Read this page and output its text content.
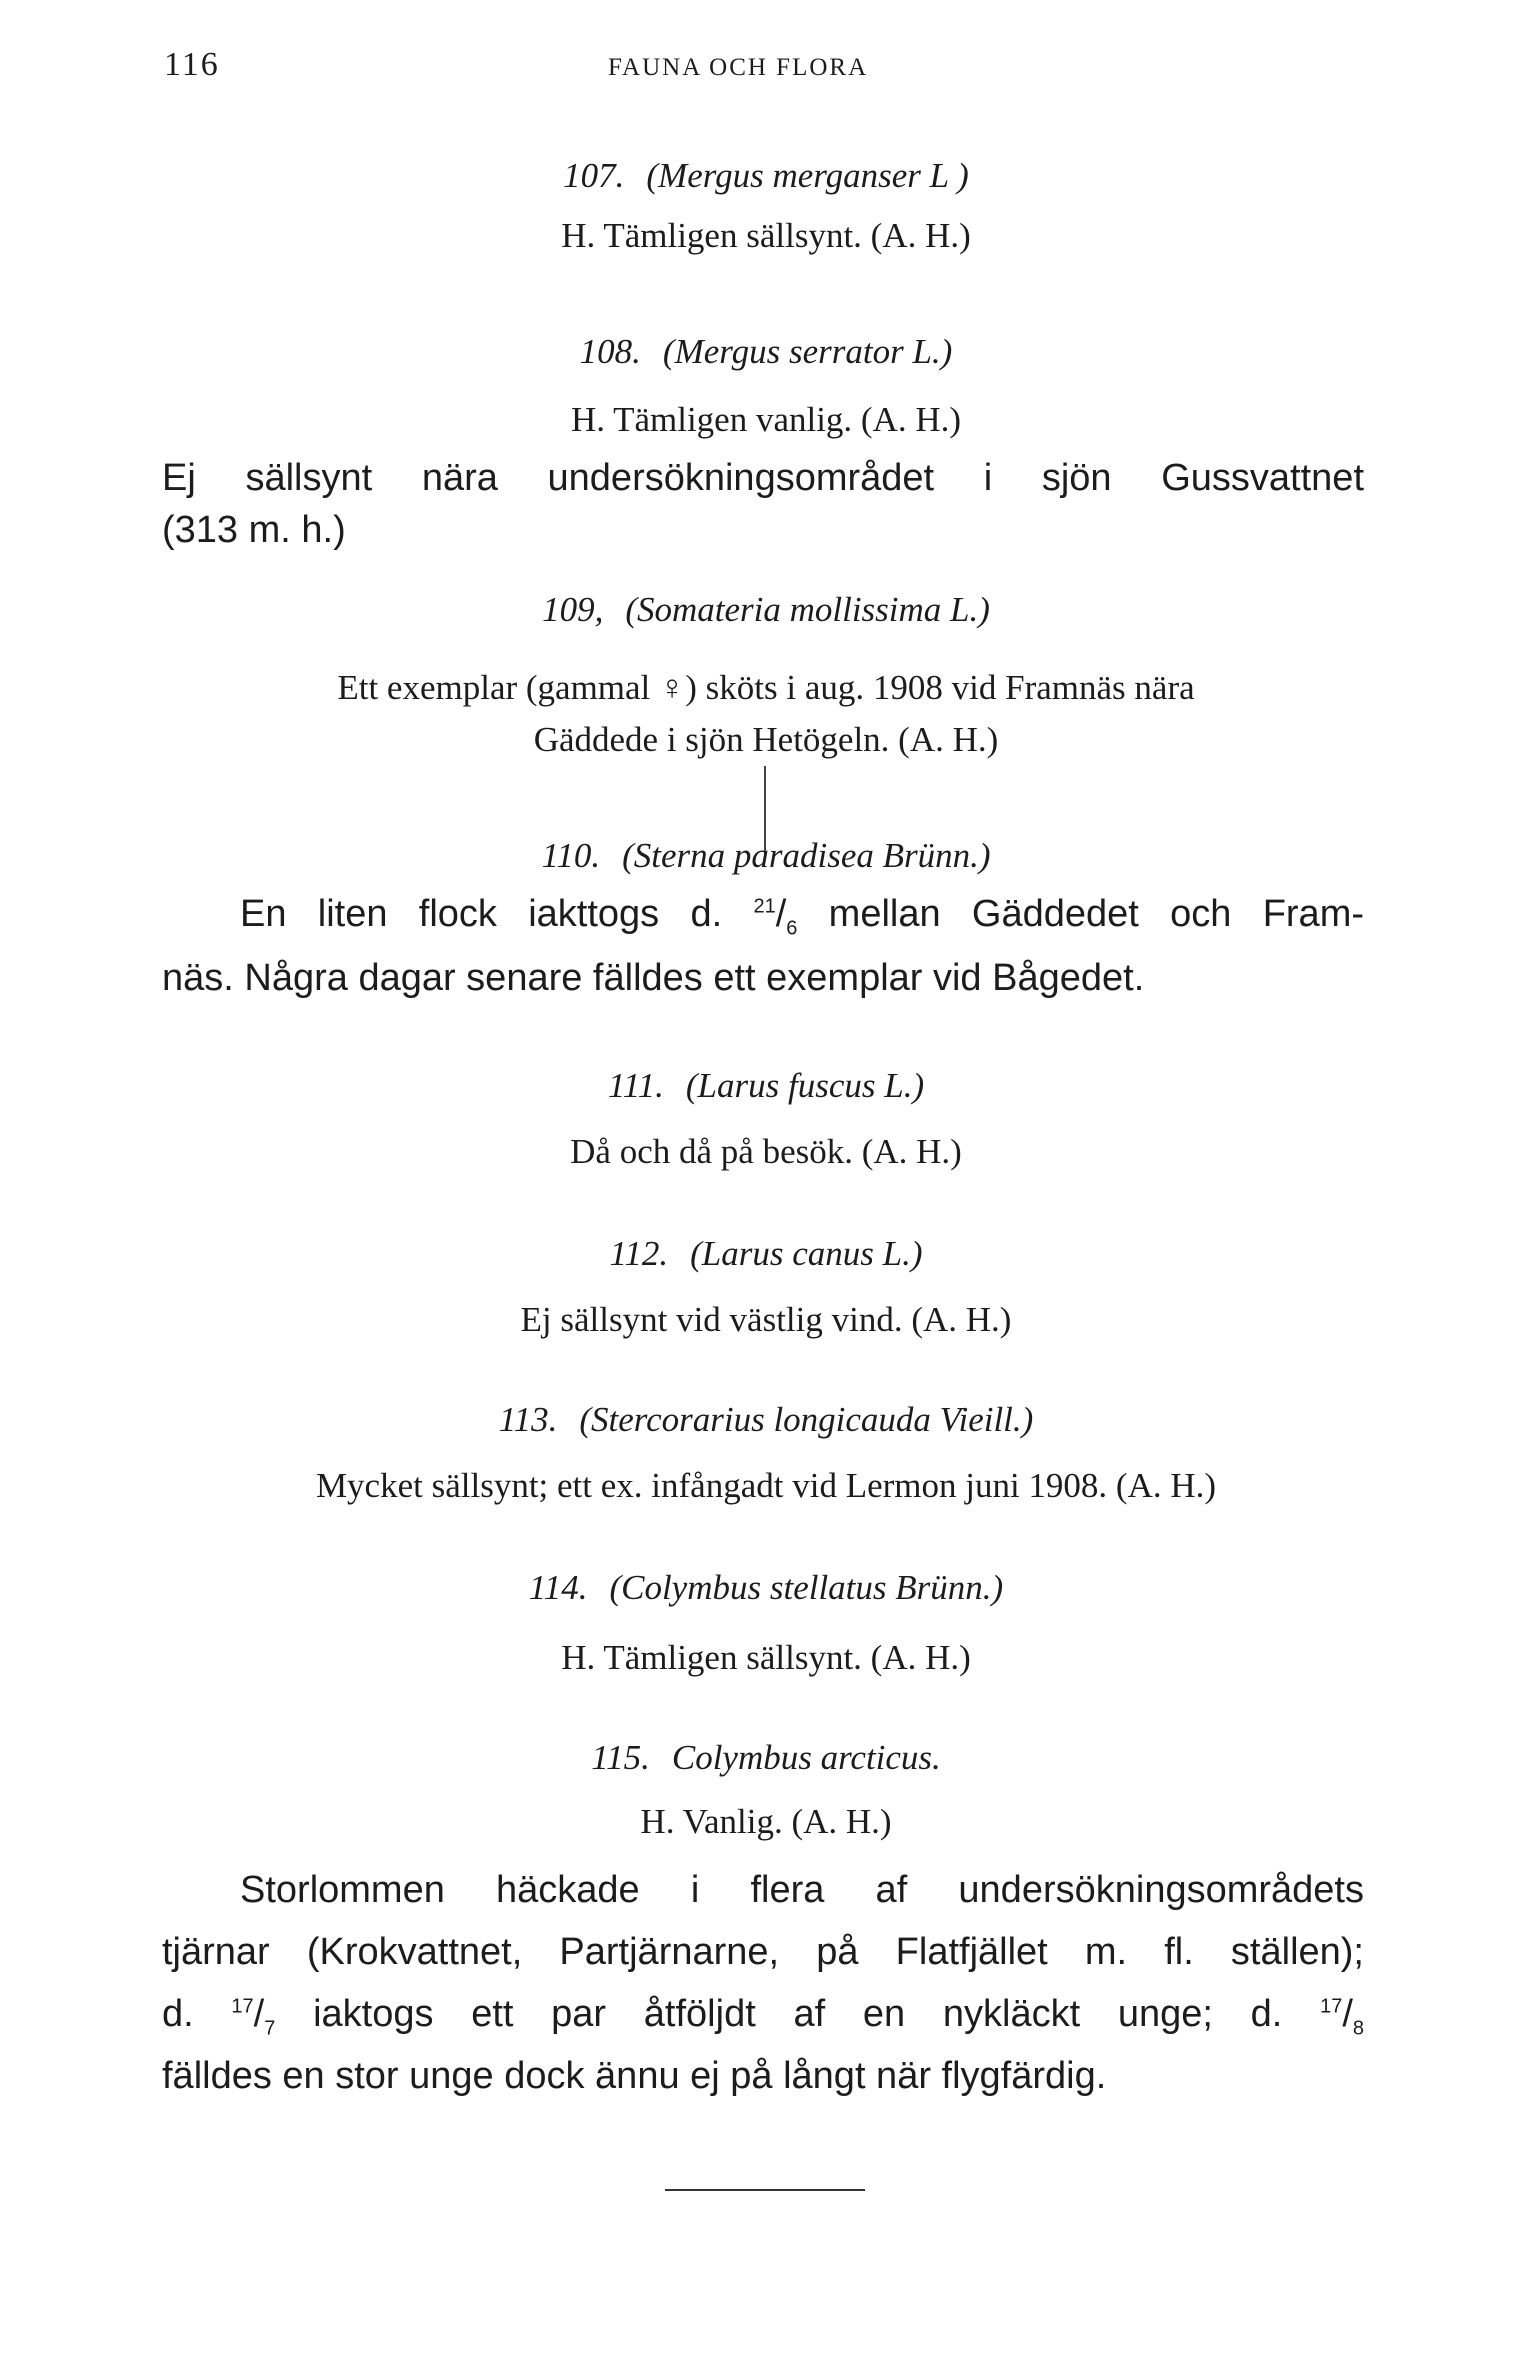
116	FAUNA OCH FLORA
107. (Mergus merganser L )
H. Tämligen sällsynt. (A. H.)
108. (Mergus serrator L.)
H. Tämligen vanlig. (A. H.)
Ej sällsynt nära undersökningsområdet i sjön Gussvattnet
(313 m. h.)
109, (Somateria mollissima L.)
Ett exemplar (gammal ♀) sköts i aug. 1908 vid Framnäs nära
Gäddede i sjön Hetögeln. (A. H.)
110. (Sterna paradisea Brünn.)
En liten flock iakttogs d. $^{21}/_6$ mellan Gäddedet och Fram-
näs. Några dagar senare fälldes ett exemplar vid Bågedet.
111. (Larus fuscus L.)
Då och då på besök. (A. H.)
112. (Larus canus L.)
Ej sällsynt vid västlig vind. (A. H.)
113. (Stercorarius longicauda Vieill.)
Mycket sällsynt; ett ex. infångadt vid Lermon juni 1908. (A. H.)
114. (Colymbus stellatus Brünn.)
H. Tämligen sällsynt. (A. H.)
115. Colymbus arcticus.
H. Vanlig. (A. H.)
Storlommen häckade i flera af undersökningsområdets
tjärnar (Krokvattnet, Partjärnarne, på Flatfjället m. fl. ställen);
d. $^{17}/_7$ iaktogs ett par åtföljdt af en nykläckt unge; d. $^{17}/_8$
fälldes en stor unge dock ännu ej på långt när flygfärdig.
